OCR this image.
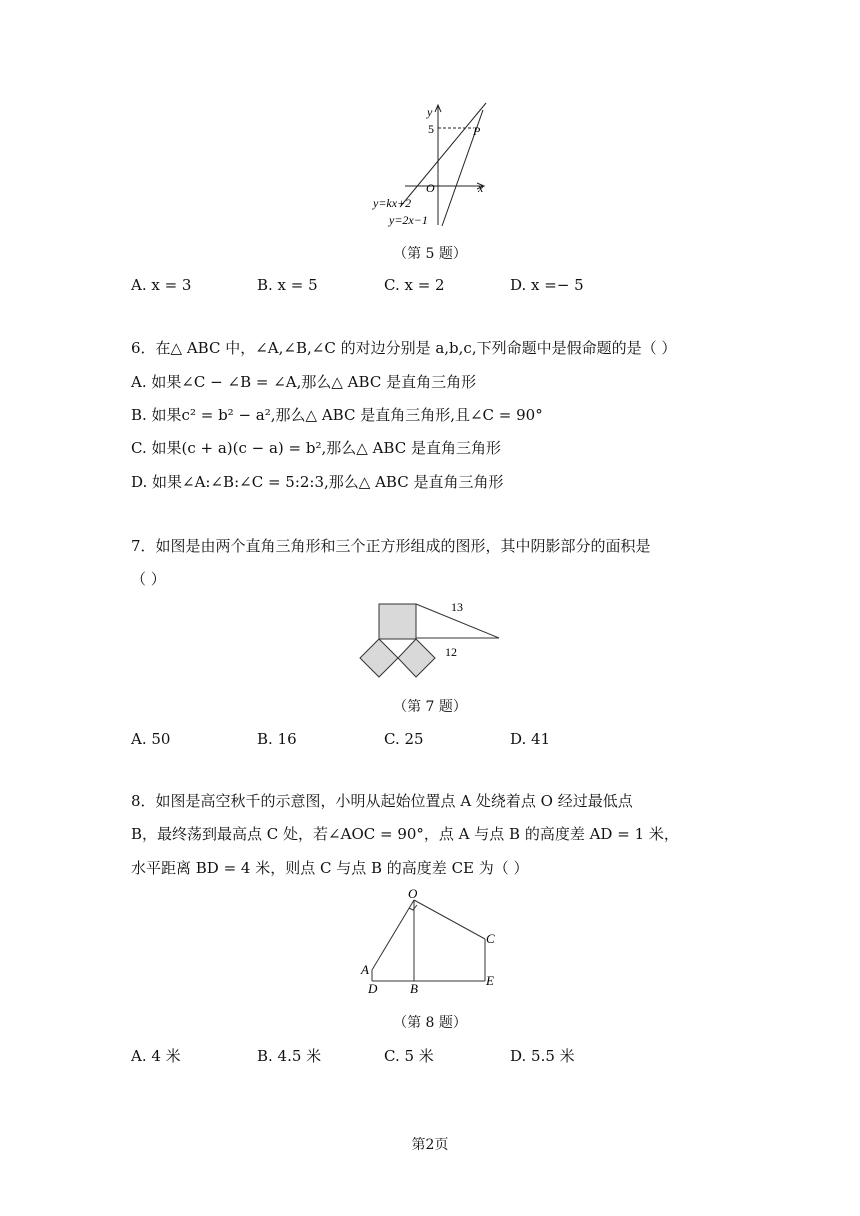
y
5	P
O	x
y=kx+2
y=2x−1
（第 5 题）
A. x = 3	B. x = 5	C. x = 2	D. x =− 5
6．在△ ABC 中，∠A,∠B,∠C 的对边分别是 a,b,c,下列命题中是假命题的是（ ）
A. 如果∠C − ∠B = ∠A,那么△ ABC 是直角三角形
B. 如果c² = b² − a²,那么△ ABC 是直角三角形,且∠C = 90°
C. 如果(c + a)(c − a) = b²,那么△ ABC 是直角三角形
D. 如果∠A:∠B:∠C = 5:2:3,那么△ ABC 是直角三角形
7．如图是由两个直角三角形和三个正方形组成的图形，其中阴影部分的面积是
（ ）
13
12
（第 7 题）
A. 50	B. 16	C. 25	D. 41
8．如图是高空秋千的示意图，小明从起始位置点 A 处绕着点 O 经过最低点
B，最终荡到最高点 C 处，若∠AOC = 90°，点 A 与点 B 的高度差 AD = 1 米，
水平距离 BD = 4 米，则点 C 与点 B 的高度差 CE 为（ ）
O
C
A
D	B
E
（第 8 题）
A. 4 米	B. 4.5 米	C. 5 米	D. 5.5 米
第2页
